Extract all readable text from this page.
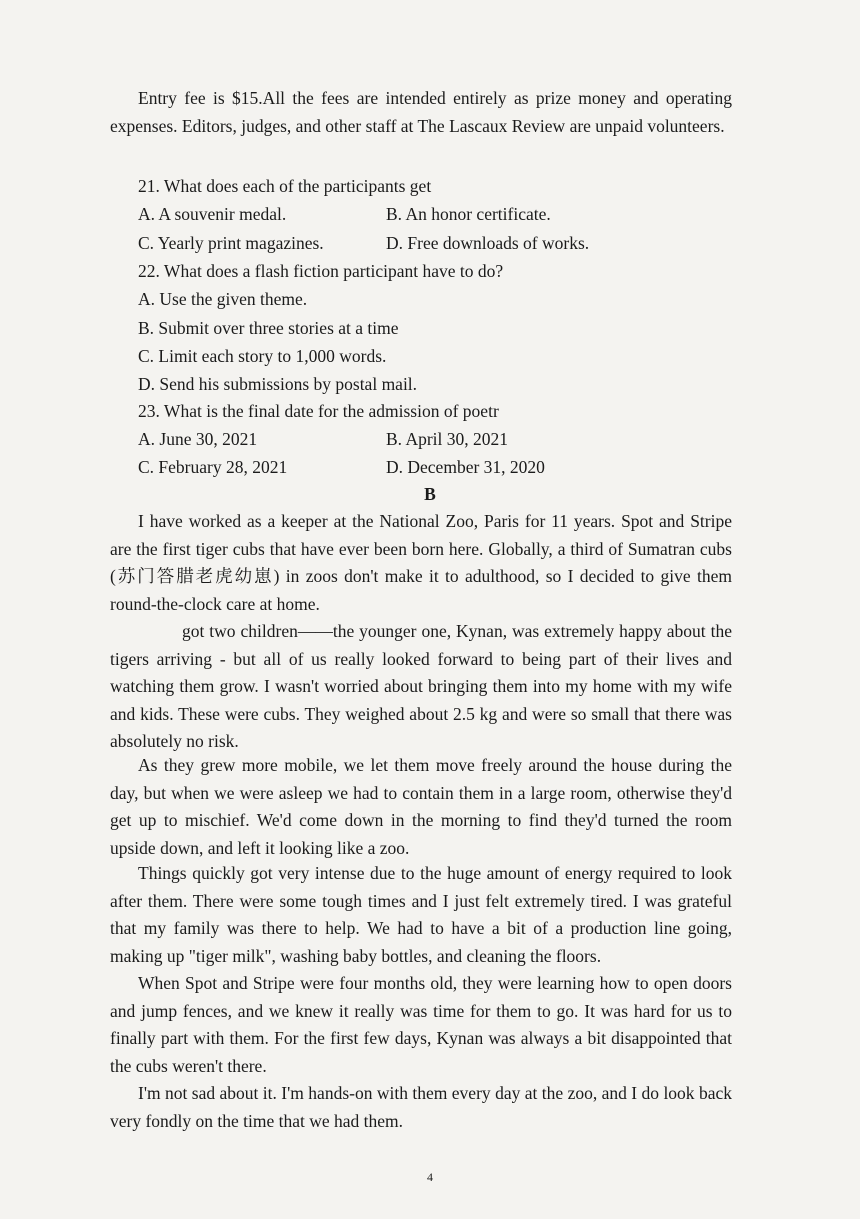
Entry fee is $15.All the fees are intended entirely as prize money and operating expenses. Editors, judges, and other staff at The Lascaux Review are unpaid volunteers.

21. What does each of the participants get

A. A souvenir medal.	B. An honor certificate.

C. Yearly print magazines.	D. Free downloads of works.

22. What does a flash fiction participant have to do?

A. Use the given theme.

B. Submit over three stories at a time

C. Limit each story to 1,000 words.

D. Send his submissions by postal mail.

23. What is the final date for the admission of poetr

A. June 30, 2021	B. April 30, 2021

C. February 28, 2021	D. December 31, 2020

B

I have worked as a keeper at the National Zoo, Paris for 11 years. Spot and Stripe are the first tiger cubs that have ever been born here. Globally, a third of Sumatran cubs (苏门答腊老虎幼崽) in zoos don't make it to adulthood, so I decided to give them round-the-clock care at home.

got two children——the younger one, Kynan, was extremely happy about the tigers arriving - but all of us really looked forward to being part of their lives and watching them grow. I wasn't worried about bringing them into my home with my wife and kids. These were cubs. They weighed about 2.5 kg and were so small that there was absolutely no risk.

As they grew more mobile, we let them move freely around the house during the day, but when we were asleep we had to contain them in a large room, otherwise they'd get up to mischief. We'd come down in the morning to find they'd turned the room upside down, and left it looking like a zoo.

Things quickly got very intense due to the huge amount of energy required to look after them. There were some tough times and I just felt extremely tired. I was grateful that my family was there to help. We had to have a bit of a production line going, making up "tiger milk", washing baby bottles, and cleaning the floors.

When Spot and Stripe were four months old, they were learning how to open doors and jump fences, and we knew it really was time for them to go. It was hard for us to finally part with them. For the first few days, Kynan was always a bit disappointed that the cubs weren't there.

I'm not sad about it. I'm hands-on with them every day at the zoo, and I do look back very fondly on the time that we had them.

4
